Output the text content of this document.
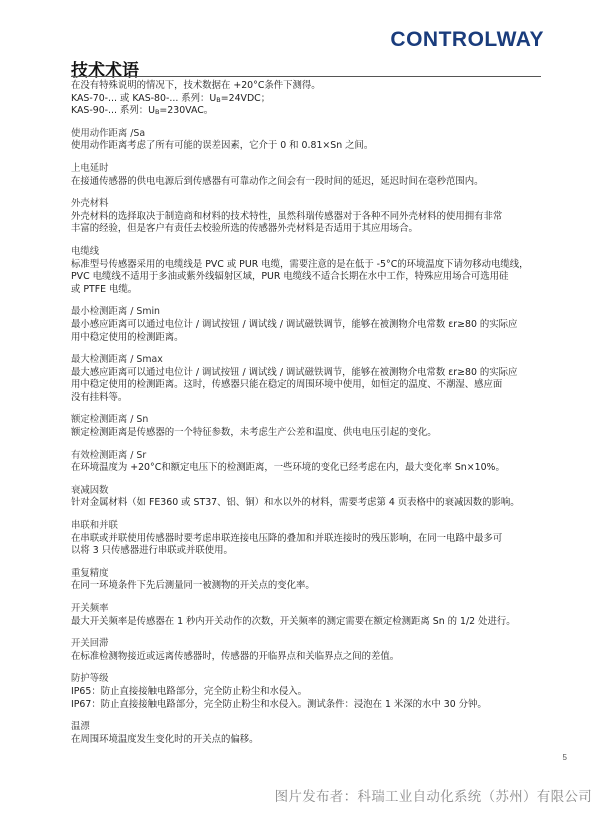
CONTROLWAY
技术术语

在没有特殊说明的情况下，技术数据在 +20°C条件下测得。

KAS-70-... 或 KAS-80-... 系列：$U_B=24VDC$；

KAS-90-... 系列：$U_B=230VAC$。

使用动作距离 /Sa

使用动作距离考虑了所有可能的误差因素，它介于 0 和 0.81×Sn 之间。

上电延时

在接通传感器的供电电源后到传感器有可靠动作之间会有一段时间的延迟，延迟时间在毫秒范围内。

外壳材料

外壳材料的选择取决于制造商和材料的技术特性，虽然科瑞传感器对于各种不同外壳材料的使用拥有非常

丰富的经验，但是客户有责任去校验所选的传感器外壳材料是否适用于其应用场合。

电缆线

标准型号传感器采用的电缆线是 PVC 或 PUR 电缆，需要注意的是在低于 -5°C的环境温度下请勿移动电缆线，

PVC 电缆线不适用于多油或紫外线辐射区域，PUR 电缆线不适合长期在水中工作，特殊应用场合可选用硅

或 PTFE 电缆。

最小检测距离 / Smin

最小感应距离可以通过电位计 / 调试按钮 / 调试线 / 调试磁铁调节，能够在被测物介电常数 εr≥80 的实际应

用中稳定使用的检测距离。

最大检测距离 / Smax

最大感应距离可以通过电位计 / 调试按钮 / 调试线 / 调试磁铁调节，能够在被测物介电常数 εr≥80 的实际应

用中稳定使用的检测距离。这时，传感器只能在稳定的周围环境中使用，如恒定的温度、不潮湿、感应面

没有挂料等。

额定检测距离 / Sn

额定检测距离是传感器的一个特征参数，未考虑生产公差和温度、供电电压引起的变化。

有效检测距离 / Sr

在环境温度为 +20°C和额定电压下的检测距离，一些环境的变化已经考虑在内，最大变化率 Sn×10%。

衰减因数

针对金属材料（如 FE360 或 ST37、铝、铜）和水以外的材料，需要考虑第 4 页表格中的衰减因数的影响。

串联和并联

在串联或并联使用传感器时要考虑串联连接电压降的叠加和并联连接时的残压影响，在同一电路中最多可

以将 3 只传感器进行串联或并联使用。

重复精度

在同一环境条件下先后测量同一被测物的开关点的变化率。

开关频率

最大开关频率是传感器在 1 秒内开关动作的次数，开关频率的测定需要在额定检测距离 Sn 的 1/2 处进行。

开关回滞

在标准检测物接近或远离传感器时，传感器的开临界点和关临界点之间的差值。

防护等级

IP65：防止直接接触电路部分，完全防止粉尘和水侵入。

IP67：防止直接接触电路部分，完全防止粉尘和水侵入。测试条件：浸泡在 1 米深的水中 30 分钟。

温漂

在周围环境温度发生变化时的开关点的偏移。

5
图片发布者：科瑞工业自动化系统（苏州）有限公司
